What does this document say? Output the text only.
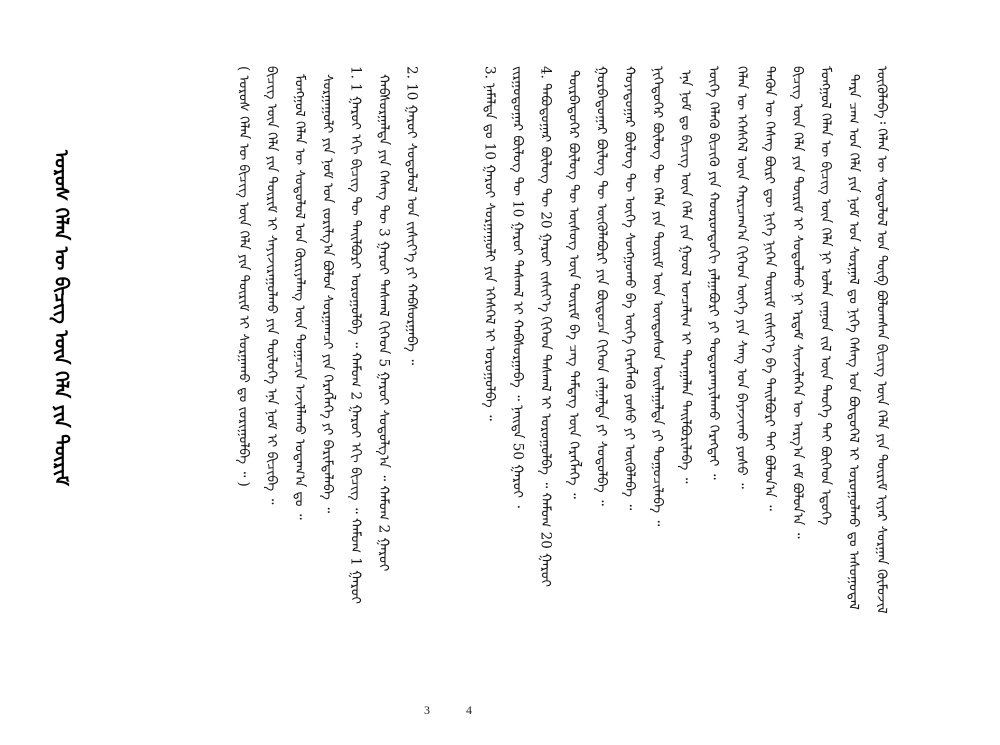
ᠥᠭᠦᠯᠡᠪᠡ᠄ ᠬᠡᠯᠡᠨ ᠦ ᠰᠤᠳᠤᠯᠤᠯ ᠤᠨ ᠲᠥᠪ ᠪᠤᠯᠤᠭᠰᠠᠨ ᠪᠢᠴᠢᠭ᠌ ᠦᠨ ᠬᠡᠯᠡ ᠶᠢᠨ ᠳᠦᠷᠢᠮ ᠢᠶᠡᠷ ᠰᠤᠷᠭᠠᠨ ᠬᠥᠮᠦᠵᠢᠯ
ᠲᠡᠷᠡ ᠴᠠᠭ ᠤᠨ ᠬᠡᠯᠡ ᠶᠢᠨ ᠨᠣᠮ ᠤᠨ ᠰᠤᠷᠭᠠᠯ ᠳᠤ ᠨᠢᠭᠡ ᠬᠡᠰᠡᠭ ᠤᠨ ᠪᠦᠲᠦᠭᠡᠯ ᠢ ᠤᠷᠤᠭᠤᠯᠬᠤ ᠳᠤ ᠠᠰᠤᠭᠤᠳᠠᠯ
ᠮᠣᠩᠭᠣᠯ ᠬᠡᠯᠡᠨ ᠦ ᠪᠢᠴᠢᠭ᠌ ᠦᠨ ᠬᠡᠯᠡ ᠨᠢ ᠣᠯᠠᠨ ᠵᠠᠭᠤᠨ ᠵᠢᠯ ᠦᠨ ᠲᠡᠦᠬᠡ ᠲᠡᠢ ᠪᠥᠭᠡᠳ ᠡᠳᠦᠭᠡ
ᠪᠢᠴᠢᠭ᠌ ᠦᠨ ᠬᠡᠯᠡ ᠶᠢᠨ ᠳᠦᠷᠢᠮ ᠢ ᠰᠤᠳᠤᠯᠬᠤ ᠨᠢ ᠡᠷᠳᠡᠮ ᠰᠢᠨᠵᠢᠯᠡᠭᠡᠨ ᠦ ᠠᠷᠭ᠎ᠠ ᠵᠠᠮ ᠪᠣᠯᠤᠨ᠎ᠠ ᠃
ᠲᠡᠭᠦᠨ ᠦ ᠬᠡᠰᠡᠭ ᠪᠦᠷᠢ ᠳᠦ ᠨᠢᠭᠡ ᠨᠢᠭᠡᠨ ᠳᠦᠷᠢᠮ ᠵᠢᠱᠢᠶ᠎ᠡ ᠪᠠ ᠲᠠᠢᠯᠪᠤᠷᠢ ᠲᠠᠢ ᠪᠣᠯᠤᠨ᠎ᠠ ᠃
ᠬᠡᠯᠡᠨ ᠦ ᠡᠭᠡᠰᠬᠡᠯ ᠦᠨ ᠬᠠᠷᠢᠴᠠᠭ᠎ᠠ ᠬᠢᠭᠡᠳ ᠦᠭᠡ ᠶᠢᠨ ᠰᠠᠩ ᠤᠨ ᠪᠠᠶᠠᠵᠢᠬᠤ ᠶᠣᠰᠣ ᠃
ᠦᠭᠡ ᠬᠡᠯᠡᠬᠦ ᠪᠢᠴᠢᠬᠦ ᠶᠢᠨ ᠬᠣᠣᠷᠣᠨᠳᠤᠬᠢ ᠶᠠᠯᠭᠠᠪᠤᠷᠢ ᠶᠢ ᠲᠣᠳᠣᠷᠬᠠᠶᠢᠯᠠᠬᠤ ᠬᠡᠷᠡᠭᠲᠡᠢ ᠃
ᠡᠨᠡ ᠨᠣᠮ ᠳᠤ ᠪᠢᠴᠢᠭ᠌ ᠦᠨ ᠬᠡᠯᠡ ᠶᠢᠨ ᠭᠤᠤᠯ ᠣᠨᠴᠠᠯᠢᠭ ᠢ ᠳᠠᠷᠠᠭᠠᠯᠠᠨ ᠲᠠᠢᠯᠪᠤᠷᠢᠯᠠᠪᠠ ᠃
ᠨᠢᠭᠡᠳᠦᠭᠡᠷ ᠪᠦᠯᠦᠭ ᠲᠦ ᠬᠡᠯᠡ ᠶᠢᠨ ᠳᠦᠷᠢᠮ ᠦᠨ ᠦᠨᠳᠦᠰᠦᠨ ᠣᠢᠯᠠᠭᠠᠯᠲᠠ ᠶᠢ ᠲᠣᠭᠤᠴᠢᠯᠠᠪᠠ ᠃
ᠬᠣᠶᠠᠳᠤᠭᠠᠷ ᠪᠦᠯᠦᠭ ᠲᠦ ᠦᠭᠡ ᠰᠣᠩᠭᠣᠬᠤ ᠪᠠ ᠦᠭᠡ ᠬᠡᠷᠡᠭᠯᠡᠬᠦ ᠶᠣᠰᠣ ᠶᠢ ᠥᠭᠦᠯᠡᠪᠡ ᠃
ᠭᠤᠷᠪᠠᠳᠤᠭᠠᠷ ᠪᠦᠯᠦᠭ ᠲᠦ ᠥᠭᠦᠯᠡᠪᠦᠷᠢ ᠶᠢᠨ ᠪᠦᠲᠦᠴᠡ ᠬᠢᠭᠡᠳ ᠵᠠᠯᠭᠠᠯᠲᠠ ᠶᠢ ᠰᠤᠳᠤᠯᠪᠠ ᠃
ᠳᠥᠷᠪᠡᠳᠦᠭᠡᠷ ᠪᠦᠯᠦᠭ ᠲᠦ ᠦᠰᠦᠭ ᠦᠨ ᠳᠦᠷᠢᠮ ᠪᠠ ᠴᠡᠭ ᠲᠡᠮᠳᠡᠭ ᠦᠨ ᠬᠡᠷᠡᠭᠯᠡᠭᠡ ᠃
4. ᠲᠠᠪᠤᠳᠤᠭᠠᠷ ᠪᠦᠯᠦᠭ ᠲᠦ 20 ᠭᠠᠷᠤᠢ ᠵᠢᠱᠢᠶ᠎ᠡ ᠬᠢᠭᠡᠳ ᠳᠠᠰᠭᠠᠯ ᠢ ᠣᠷᠤᠭᠤᠯᠪᠠ ᠃ ᠬᠠᠮᠤᠭ 20 ᠭᠠᠷᠤᠢ
ᠵᠢᠷᠭᠤᠳᠤᠭᠠᠷ ᠪᠦᠯᠦᠭ ᠲᠦ 10 ᠭᠠᠷᠤᠢ ᠳᠠᠰᠭᠠᠯ ᠢ ᠬᠠᠪᠰᠤᠷᠭᠠᠪᠠ ᠃ ᠨᠡᠢᠲᠡ 50 ᠭᠠᠷᠤᠢ ᠂
3. ᠨᠡᠮᠡᠯᠲᠡ ᠳᠤ 10 ᠭᠠᠷᠤᠢ ᠰᠤᠷᠭᠠᠭᠤᠯᠢ ᠶᠢᠨ ᠡᠭᠡᠰᠬᠡᠯ ᠢ ᠣᠷᠤᠭᠤᠯᠪᠠ ᠃
2. 10 ᠭᠠᠷᠤᠢ ᠰᠤᠳᠤᠯᠤᠯ ᠤᠨ ᠵᠢᠱᠢᠶ᠎ᠡ ᠶᠢ ᠬᠠᠪᠰᠤᠷᠭᠠᠪᠠ ᠃
ᠬᠠᠪᠰᠤᠷᠭᠠᠯᠲᠠ ᠶᠢᠨ ᠬᠡᠰᠡᠭ ᠲᠦ 3 ᠭᠠᠷᠤᠢ ᠳᠠᠰᠭᠠᠯ ᠬᠢᠭᠡᠳ 5 ᠭᠠᠷᠤᠢ ᠰᠤᠳᠤᠯᠭ᠎ᠠ ᠃ ᠬᠠᠮᠤᠭ 2 ᠭᠠᠷᠤᠢ
1. 1 ᠭᠠᠷᠤᠢ ᠡᠬᠢ ᠪᠢᠴᠢᠭ᠌ ᠲᠦ ᠲᠠᠢᠯᠪᠤᠷᠢ ᠣᠷᠤᠭᠤᠯᠪᠠ ᠃ ᠬᠠᠮᠤᠭ 2 ᠭᠠᠷᠤᠢ ᠡᠬᠢ ᠪᠢᠴᠢᠭ᠌ ᠃ ᠬᠠᠮᠤᠭ 1 ᠭᠠᠷᠤᠢ
ᠰᠤᠷᠭᠠᠭᠤᠯᠢ ᠶᠢᠨ ᠨᠣᠮ ᠤᠨ ᠵᠣᠷᠢᠯᠭ᠎ᠠ ᠪᠣᠯᠤᠨ ᠰᠤᠷᠭᠠᠭᠴᠢ ᠶᠢᠨ ᠬᠡᠷᠡᠭᠯᠡᠭᠡ ᠶᠢ ᠪᠠᠷᠢᠮᠲᠠᠯᠠᠪᠠ ᠃
ᠮᠣᠩᠭᠣᠯ ᠬᠡᠯᠡᠨ ᠦ ᠰᠤᠳᠤᠯᠤᠯ ᠤᠨ ᠬᠦᠷᠢᠶᠡᠯᠡᠩ ᠦᠨ ᠲᠣᠭᠠᠴᠢᠨ ᠠᠵᠢᠯᠯᠠᠬᠤ ᠤᠳᠠᠭ᠎ᠠ ᠳᠤ ᠃
ᠪᠢᠴᠢᠭ᠌ ᠦᠨ ᠬᠡᠯᠡ ᠶᠢᠨ ᠳᠦᠷᠢᠮ ᠢ ᠰᠠᠶᠢᠵᠢᠷᠠᠭᠤᠯᠬᠤ ᠶᠢᠨ ᠲᠥᠯᠦᠭᠡ ᠡᠨᠡ ᠨᠣᠮ ᠢ ᠪᠢᠴᠢᠪᠡ ᠃
( ᠣᠷᠣᠰ ᠬᠡᠯᠡᠨ ᠦ ᠪᠢᠴᠢᠭ᠌ ᠦᠨ ᠬᠡᠯᠡ ᠶᠢᠨ ᠳᠦᠷᠢᠮ ᠢ ᠰᠤᠷᠭᠠᠬᠤ ᠳᠤ ᠵᠣᠷᠢᠭᠤᠯᠪᠠ ᠃ )
ᠣᠷᠣᠰ ᠬᠡᠯᠡᠨ ᠦ ᠪᠢᠴᠢᠭ᠌ ᠦᠨ ᠬᠡᠯᠡ ᠶᠢᠨ ᠳᠦᠷᠢᠮ
3	4
